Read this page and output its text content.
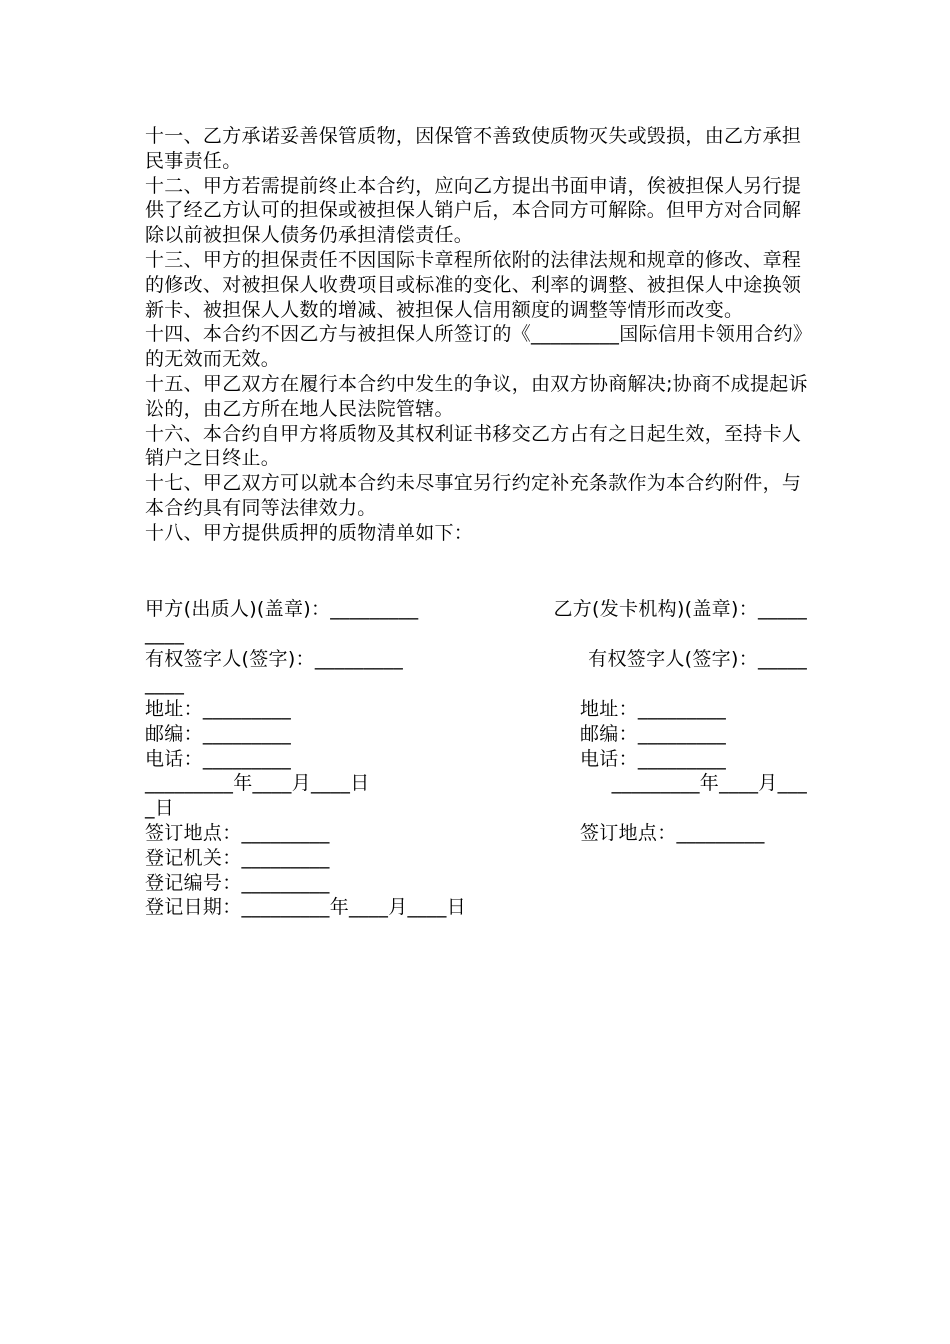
十一、乙方承诺妥善保管质物，因保管不善致使质物灭失或毁损，由乙方承担民事责任。

十二、甲方若需提前终止本合约，应向乙方提出书面申请，俟被担保人另行提供了经乙方认可的担保或被担保人销户后，本合同方可解除。但甲方对合同解除以前被担保人债务仍承担清偿责任。

十三、甲方的担保责任不因国际卡章程所依附的法律法规和规章的修改、章程的修改、对被担保人收费项目或标准的变化、利率的调整、被担保人中途换领新卡、被担保人人数的增减、被担保人信用额度的调整等情形而改变。

十四、本合约不因乙方与被担保人所签订的《_________国际信用卡领用合约》的无效而无效。

十五、甲乙双方在履行本合约中发生的争议，由双方协商解决;协商不成提起诉讼的，由乙方所在地人民法院管辖。

十六、本合约自甲方将质物及其权利证书移交乙方占有之日起生效，至持卡人销户之日终止。

十七、甲乙双方可以就本合约未尽事宜另行约定补充条款作为本合约附件，与本合约具有同等法律效力。

十八、甲方提供质押的质物清单如下：

甲方(出质人)(盖章)：_________	乙方(发卡机构)(盖章)：_____
____
有权签字人(签字)：_________	有权签字人(签字)：_____
____
地址：_________	地址：_________
邮编：_________	邮编：_________
电话：_________	电话：_________
_________年____月____日	_________年____月___
_日
签订地点：_________	签订地点：_________
登记机关：_________
登记编号：_________
登记日期：_________年____月____日
